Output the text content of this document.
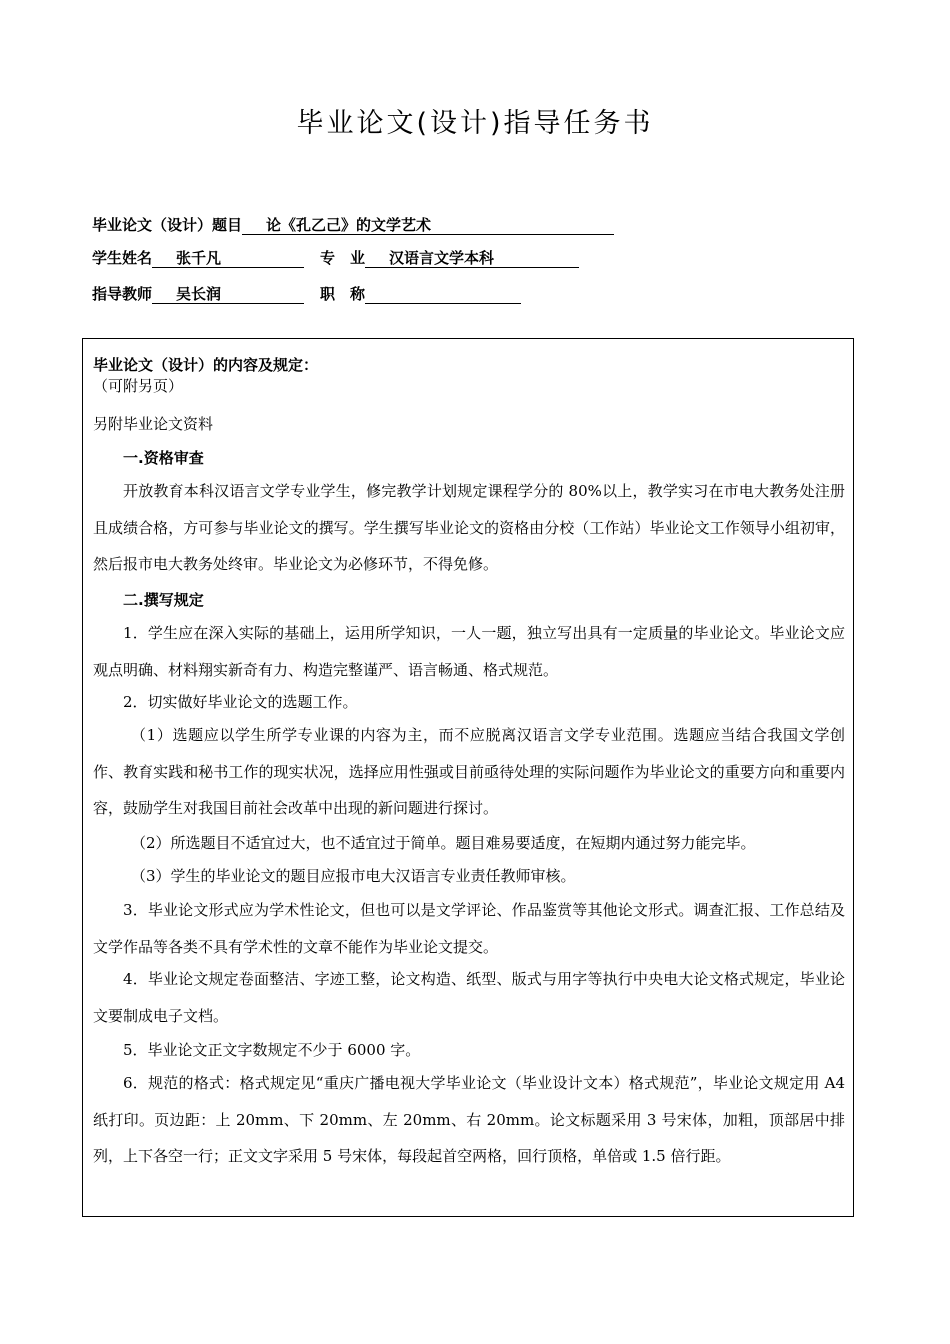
毕业论文(设计)指导任务书
毕业论文（设计）题目 论《孔乙己》的文学艺术
学生姓名 张千凡	专　业 汉语言文学本科
指导教师 吴长润	职　称

毕业论文（设计）的内容及规定：

（可附另页）

另附毕业论文资料

一.资格审查

开放教育本科汉语言文学专业学生，修完教学计划规定课程学分的 80%以上，教学实习在市电大教务处注册且成绩合格，方可参与毕业论文的撰写。学生撰写毕业论文的资格由分校（工作站）毕业论文工作领导小组初审，然后报市电大教务处终审。毕业论文为必修环节，不得免修。

二.撰写规定

1．学生应在深入实际的基础上，运用所学知识，一人一题，独立写出具有一定质量的毕业论文。毕业论文应观点明确、材料翔实新奇有力、构造完整谨严、语言畅通、格式规范。

2．切实做好毕业论文的选题工作。

（1）选题应以学生所学专业课的内容为主，而不应脱离汉语言文学专业范围。选题应当结合我国文学创作、教育实践和秘书工作的现实状况，选择应用性强或目前亟待处理的实际问题作为毕业论文的重要方向和重要内容，鼓励学生对我国目前社会改革中出现的新问题进行探讨。

（2）所选题目不适宜过大，也不适宜过于简单。题目难易要适度，在短期内通过努力能完毕。

（3）学生的毕业论文的题目应报市电大汉语言专业责任教师审核。

3．毕业论文形式应为学术性论文，但也可以是文学评论、作品鉴赏等其他论文形式。调查汇报、工作总结及文学作品等各类不具有学术性的文章不能作为毕业论文提交。

4．毕业论文规定卷面整洁、字迹工整，论文构造、纸型、版式与用字等执行中央电大论文格式规定，毕业论文要制成电子文档。

5．毕业论文正文字数规定不少于 6000 字。

6．规范的格式：格式规定见“重庆广播电视大学毕业论文（毕业设计文本）格式规范”，毕业论文规定用 A4 纸打印。页边距：上 20mm、下 20mm、左 20mm、右 20mm。论文标题采用 3 号宋体，加粗，顶部居中排列，上下各空一行；正文文字采用 5 号宋体，每段起首空两格，回行顶格，单倍或 1.5 倍行距。
